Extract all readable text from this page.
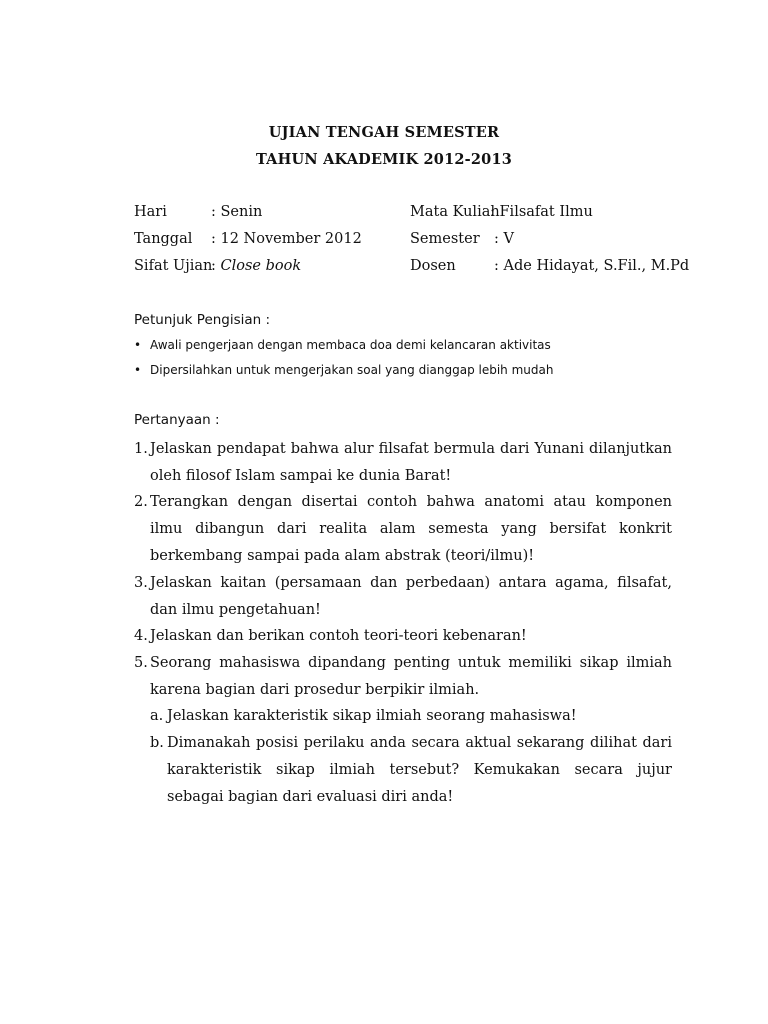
UJIAN TENGAH SEMESTER
TAHUN AKADEMIK 2012-2013
Hari	: Senin
Tanggal : 12 November 2012
Sifat Ujian: Close book
Mata Kuliah: Filsafat Ilmu
Semester : V
Dosen	: Ade Hidayat, S.Fil., M.Pd
Petunjuk Pengisian :
• Awali pengerjaan dengan membaca doa demi kelancaran aktivitas
• Dipersilahkan untuk mengerjakan soal yang dianggap lebih mudah
Pertanyaan :
1. Jelaskan pendapat bahwa alur filsafat bermula dari Yunani dilanjutkan oleh filosof Islam sampai ke dunia Barat!
2. Terangkan dengan disertai contoh bahwa anatomi atau komponen ilmu dibangun dari realita alam semesta yang bersifat konkrit berkembang sampai pada alam abstrak (teori/ilmu)!
3. Jelaskan kaitan (persamaan dan perbedaan) antara agama, filsafat, dan ilmu pengetahuan!
4. Jelaskan dan berikan contoh teori-teori kebenaran!
5. Seorang mahasiswa dipandang penting untuk memiliki sikap ilmiah karena bagian dari prosedur berpikir ilmiah.
a. Jelaskan karakteristik sikap ilmiah seorang mahasiswa!
b. Dimanakah posisi perilaku anda secara aktual sekarang dilihat dari karakteristik sikap ilmiah tersebut? Kemukakan secara jujur sebagai bagian dari evaluasi diri anda!
